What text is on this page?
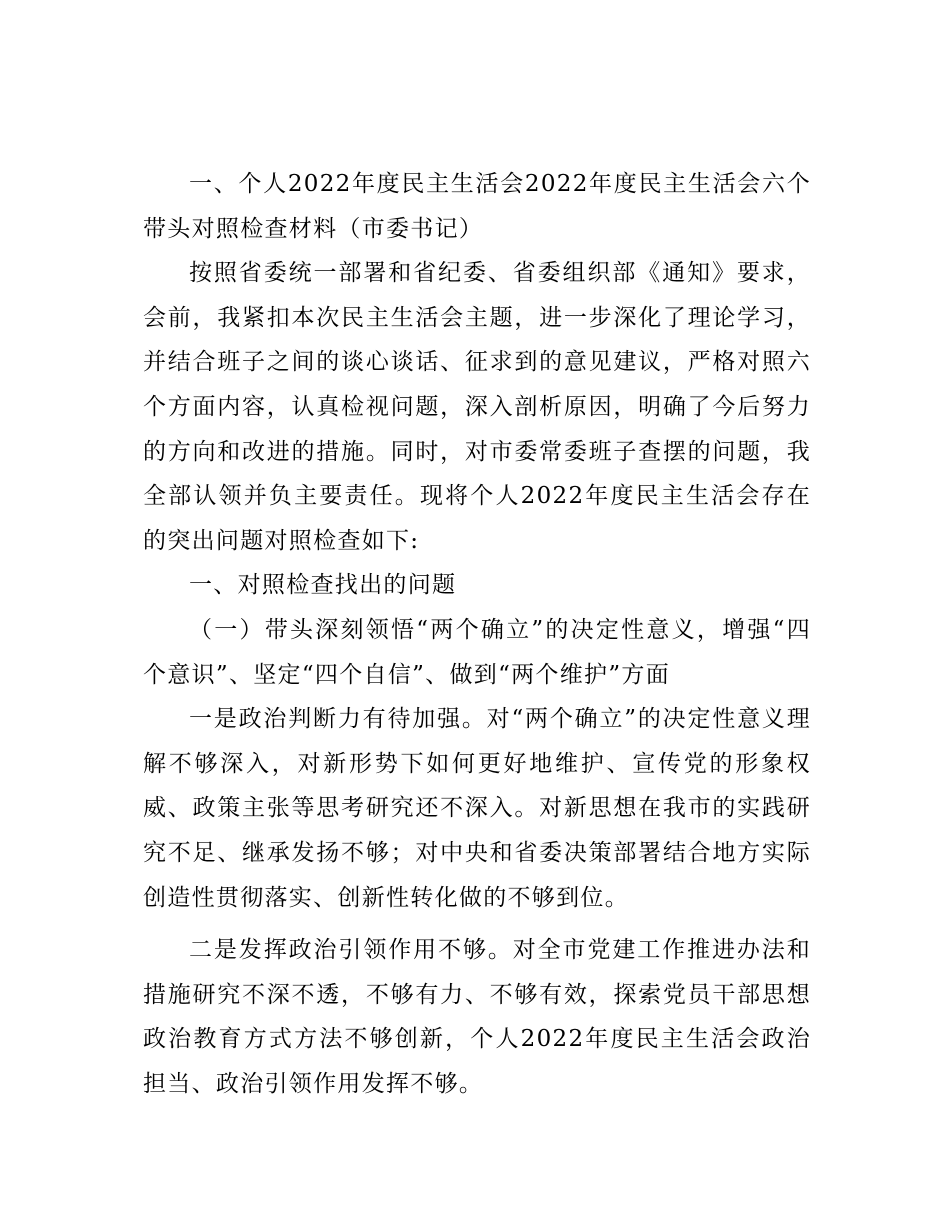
一、个人2022年度民主生活会2022年度民主生活会六个带头对照检查材料（市委书记）

按照省委统一部署和省纪委、省委组织部《通知》要求，会前，我紧扣本次民主生活会主题，进一步深化了理论学习，并结合班子之间的谈心谈话、征求到的意见建议，严格对照六个方面内容，认真检视问题，深入剖析原因，明确了今后努力的方向和改进的措施。同时，对市委常委班子查摆的问题，我全部认领并负主要责任。现将个人2022年度民主生活会存在的突出问题对照检查如下:

一、对照检查找出的问题

（一）带头深刻领悟“两个确立”的决定性意义，增强“四个意识”、坚定“四个自信”、做到“两个维护”方面

一是政治判断力有待加强。对“两个确立”的决定性意义理解不够深入，对新形势下如何更好地维护、宣传党的形象权威、政策主张等思考研究还不深入。对新思想在我市的实践研究不足、继承发扬不够；对中央和省委决策部署结合地方实际创造性贯彻落实、创新性转化做的不够到位。

二是发挥政治引领作用不够。对全市党建工作推进办法和措施研究不深不透，不够有力、不够有效，探索党员干部思想政治教育方式方法不够创新，个人2022年度民主生活会政治担当、政治引领作用发挥不够。
